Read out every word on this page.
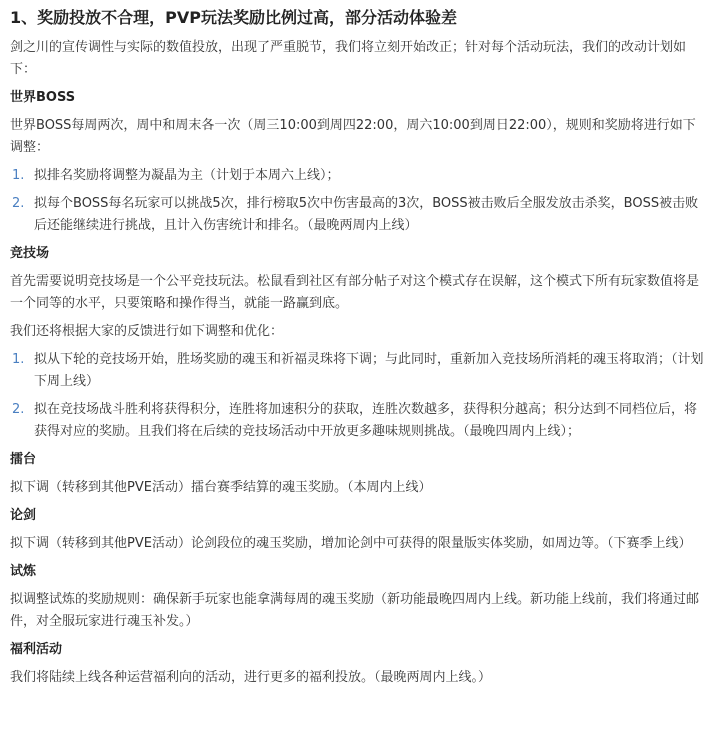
1、奖励投放不合理，PVP玩法奖励比例过高，部分活动体验差

剑之川的宣传调性与实际的数值投放，出现了严重脱节，我们将立刻开始改正；针对每个活动玩法，我们的改动计划如下：

世界BOSS

世界BOSS每周两次，周中和周末各一次（周三10:00到周四22:00，周六10:00到周日22:00），规则和奖励将进行如下调整：

1. 拟排名奖励将调整为凝晶为主（计划于本周六上线）；
2. 拟每个BOSS每名玩家可以挑战5次，排行榜取5次中伤害最高的3次，BOSS被击败后全服发放击杀奖，BOSS被击败后还能继续进行挑战，且计入伤害统计和排名。（最晚两周内上线）
竞技场

首先需要说明竞技场是一个公平竞技玩法。松鼠看到社区有部分帖子对这个模式存在误解，这个模式下所有玩家数值将是一个同等的水平，只要策略和操作得当，就能一路赢到底。

我们还将根据大家的反馈进行如下调整和优化：

1. 拟从下轮的竞技场开始，胜场奖励的魂玉和祈福灵珠将下调；与此同时，重新加入竞技场所消耗的魂玉将取消；（计划下周上线）
2. 拟在竞技场战斗胜利将获得积分，连胜将加速积分的获取，连胜次数越多，获得积分越高；积分达到不同档位后，将获得对应的奖励。且我们将在后续的竞技场活动中开放更多趣味规则挑战。（最晚四周内上线）；
擂台

拟下调（转移到其他PVE活动）擂台赛季结算的魂玉奖励。（本周内上线）

论剑

拟下调（转移到其他PVE活动）论剑段位的魂玉奖励，增加论剑中可获得的限量版实体奖励，如周边等。（下赛季上线）

试炼

拟调整试炼的奖励规则：确保新手玩家也能拿满每周的魂玉奖励（新功能最晚四周内上线。新功能上线前，我们将通过邮件，对全服玩家进行魂玉补发。）

福利活动

我们将陆续上线各种运营福利向的活动，进行更多的福利投放。（最晚两周内上线。）
